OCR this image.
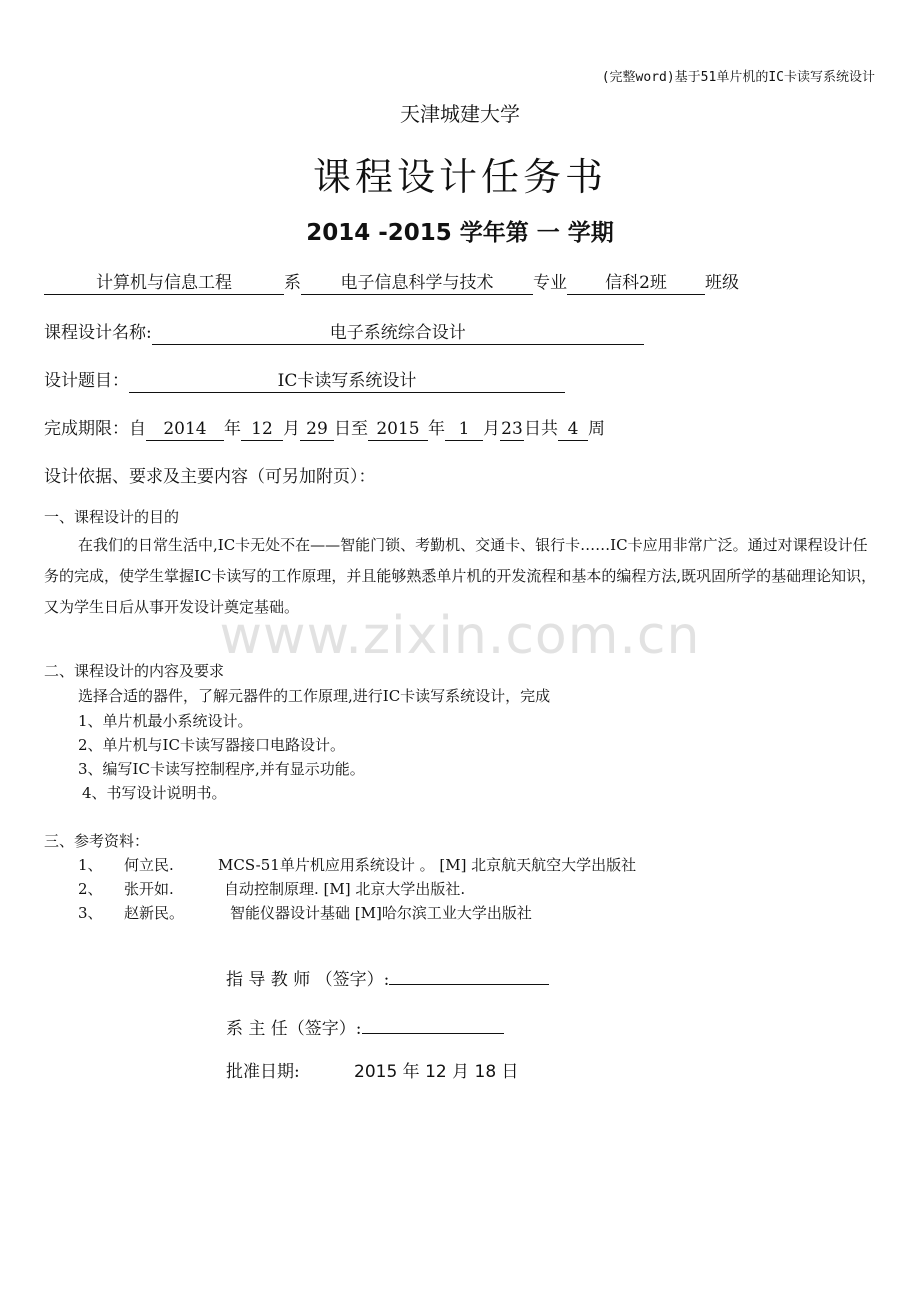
(完整word)基于51单片机的IC卡读写系统设计
天津城建大学
课程设计任务书
2014 -2015 学年第 一 学期
计算机与信息工程	系 电子信息科学与技术 专业 信科2班 班级
课程设计名称:	电子系统综合设计
设计题目：	IC卡读写系统设计
完成期限：自 2014 年 12 月 29 日至 2015 年 1 月23日共 4 周
设计依据、要求及主要内容（可另加附页）：
一、课程设计的目的
在我们的日常生活中,IC卡无处不在——智能门锁、考勤机、交通卡、银行卡……IC卡应用非常广泛。通过对课程设计任务的完成，使学生掌握IC卡读写的工作原理，并且能够熟悉单片机的开发流程和基本的编程方法,既巩固所学的基础理论知识，又为学生日后从事开发设计奠定基础。
www.zixin.com.cn
二、课程设计的内容及要求
选择合适的器件，了解元器件的工作原理,进行IC卡读写系统设计，完成
1、单片机最小系统设计。
2、单片机与IC卡读写器接口电路设计。
3、编写IC卡读写控制程序,并有显示功能。
4、书写设计说明书。
三、参考资料：
1、 何立民.	MCS-51单片机应用系统设计 。 [M] 北京航天航空大学出版社
2、 张开如.	自动控制原理. [M] 北京大学出版社.
3、 赵新民。	智能仪器设计基础 [M]哈尔滨工业大学出版社
指 导 教 师 （签字）:
系 主 任（签字）:
批准日期:	2015 年 12 月 18 日
